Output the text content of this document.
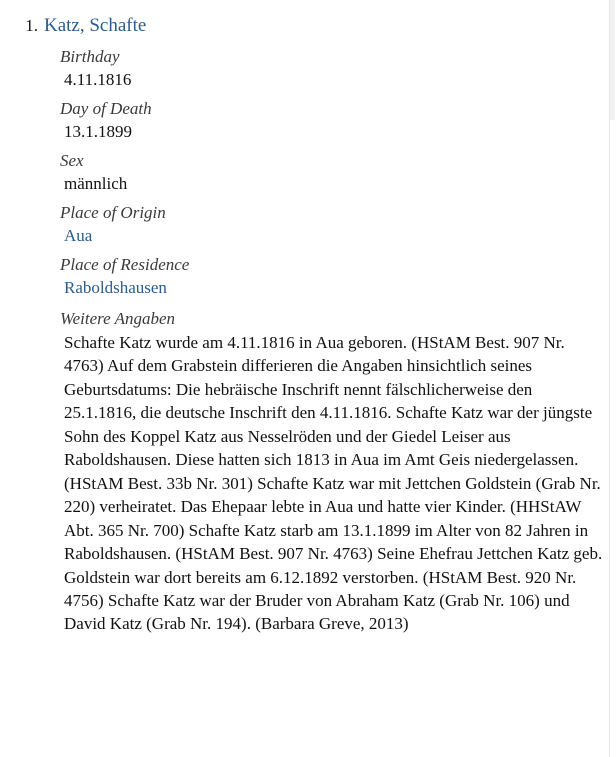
1. Katz, Schafte
Birthday
4.11.1816
Day of Death
13.1.1899
Sex
männlich
Place of Origin
Aua
Place of Residence
Raboldshausen
Weitere Angaben
Schafte Katz wurde am 4.11.1816 in Aua geboren. (HStAM Best. 907 Nr. 4763) Auf dem Grabstein differieren die Angaben hinsichtlich seines Geburtsdatums: Die hebräische Inschrift nennt fälschlicherweise den 25.1.1816, die deutsche Inschrift den 4.11.1816. Schafte Katz war der jüngste Sohn des Koppel Katz aus Nesselröden und der Giedel Leiser aus Raboldshausen. Diese hatten sich 1813 in Aua im Amt Geis niedergelassen. (HStAM Best. 33b Nr. 301) Schafte Katz war mit Jettchen Goldstein (Grab Nr. 220) verheiratet. Das Ehepaar lebte in Aua und hatte vier Kinder. (HHStAW Abt. 365 Nr. 700) Schafte Katz starb am 13.1.1899 im Alter von 82 Jahren in Raboldshausen. (HStAM Best. 907 Nr. 4763) Seine Ehefrau Jettchen Katz geb. Goldstein war dort bereits am 6.12.1892 verstorben. (HStAM Best. 920 Nr. 4756) Schafte Katz war der Bruder von Abraham Katz (Grab Nr. 106) und David Katz (Grab Nr. 194). (Barbara Greve, 2013)
